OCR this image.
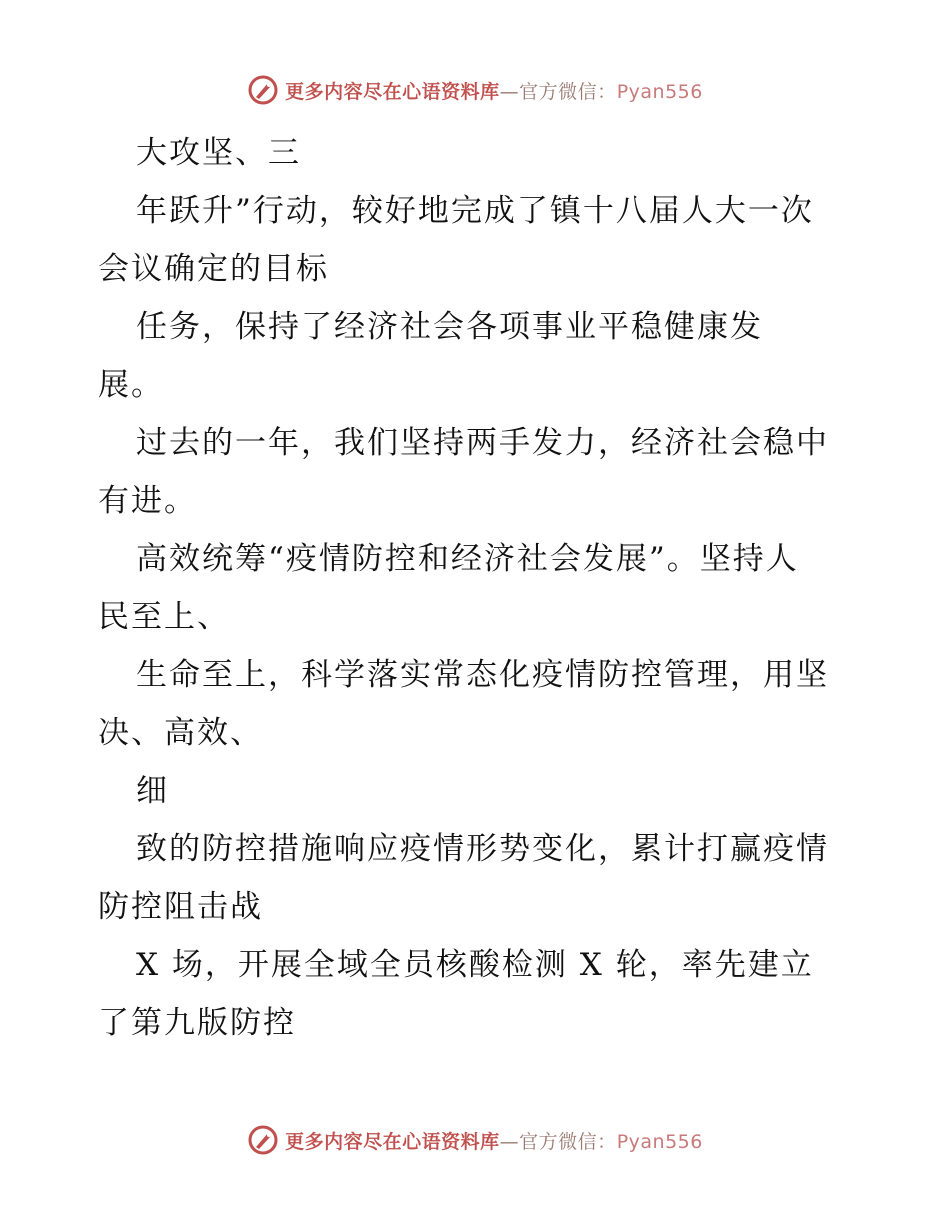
更多内容尽在心语资料库—官方微信：Pyan556
大攻坚、三
年跃升”行动，较好地完成了镇十八届人大一次
会议确定的目标
任务，保持了经济社会各项事业平稳健康发
展。
过去的一年，我们坚持两手发力，经济社会稳中
有进。
高效统筹“疫情防控和经济社会发展”。坚持人
民至上、
生命至上，科学落实常态化疫情防控管理，用坚
决、高效、
细
致的防控措施响应疫情形势变化，累计打赢疫情
防控阻击战
X 场，开展全域全员核酸检测 X 轮，率先建立
了第九版防控
更多内容尽在心语资料库—官方微信：Pyan556
